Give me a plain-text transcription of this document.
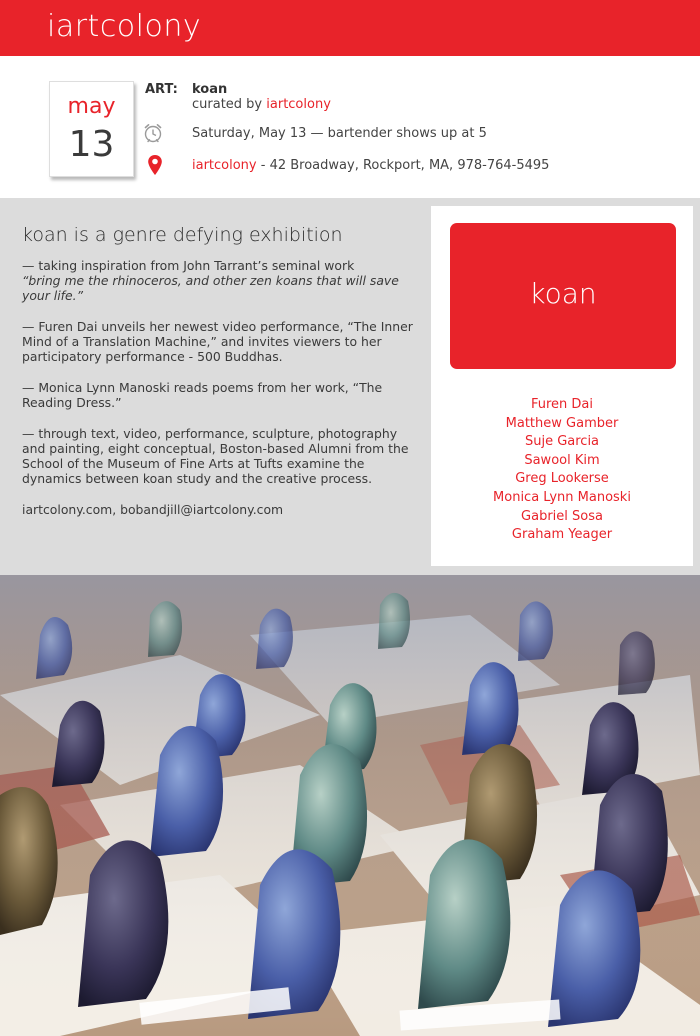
iartcolony
may
13
ART: koan
curated by iartcolony
Saturday, May 13 — bartender shows up at 5
iartcolony - 42 Broadway, Rockport, MA, 978-764-5495
koan is a genre defying exhibition

— taking inspiration from John Tarrant’s seminal work
“bring me the rhinoceros, and other zen koans that will save your life.”

— Furen Dai unveils her newest video performance, “The Inner Mind of a Translation Machine,” and invites viewers to her participatory performance - 500 Buddhas.

— Monica Lynn Manoski reads poems from her work, “The Reading Dress.”

— through text, video, performance, sculpture, photography and painting, eight conceptual, Boston-based Alumni from the School of the Museum of Fine Arts at Tufts examine the dynamics between koan study and the creative process.

iartcolony.com, bobandjill@iartcolony.com
koan
Furen Dai
Matthew Gamber
Suje Garcia
Sawool Kim
Greg Lookerse
Monica Lynn Manoski
Gabriel Sosa
Graham Yeager
